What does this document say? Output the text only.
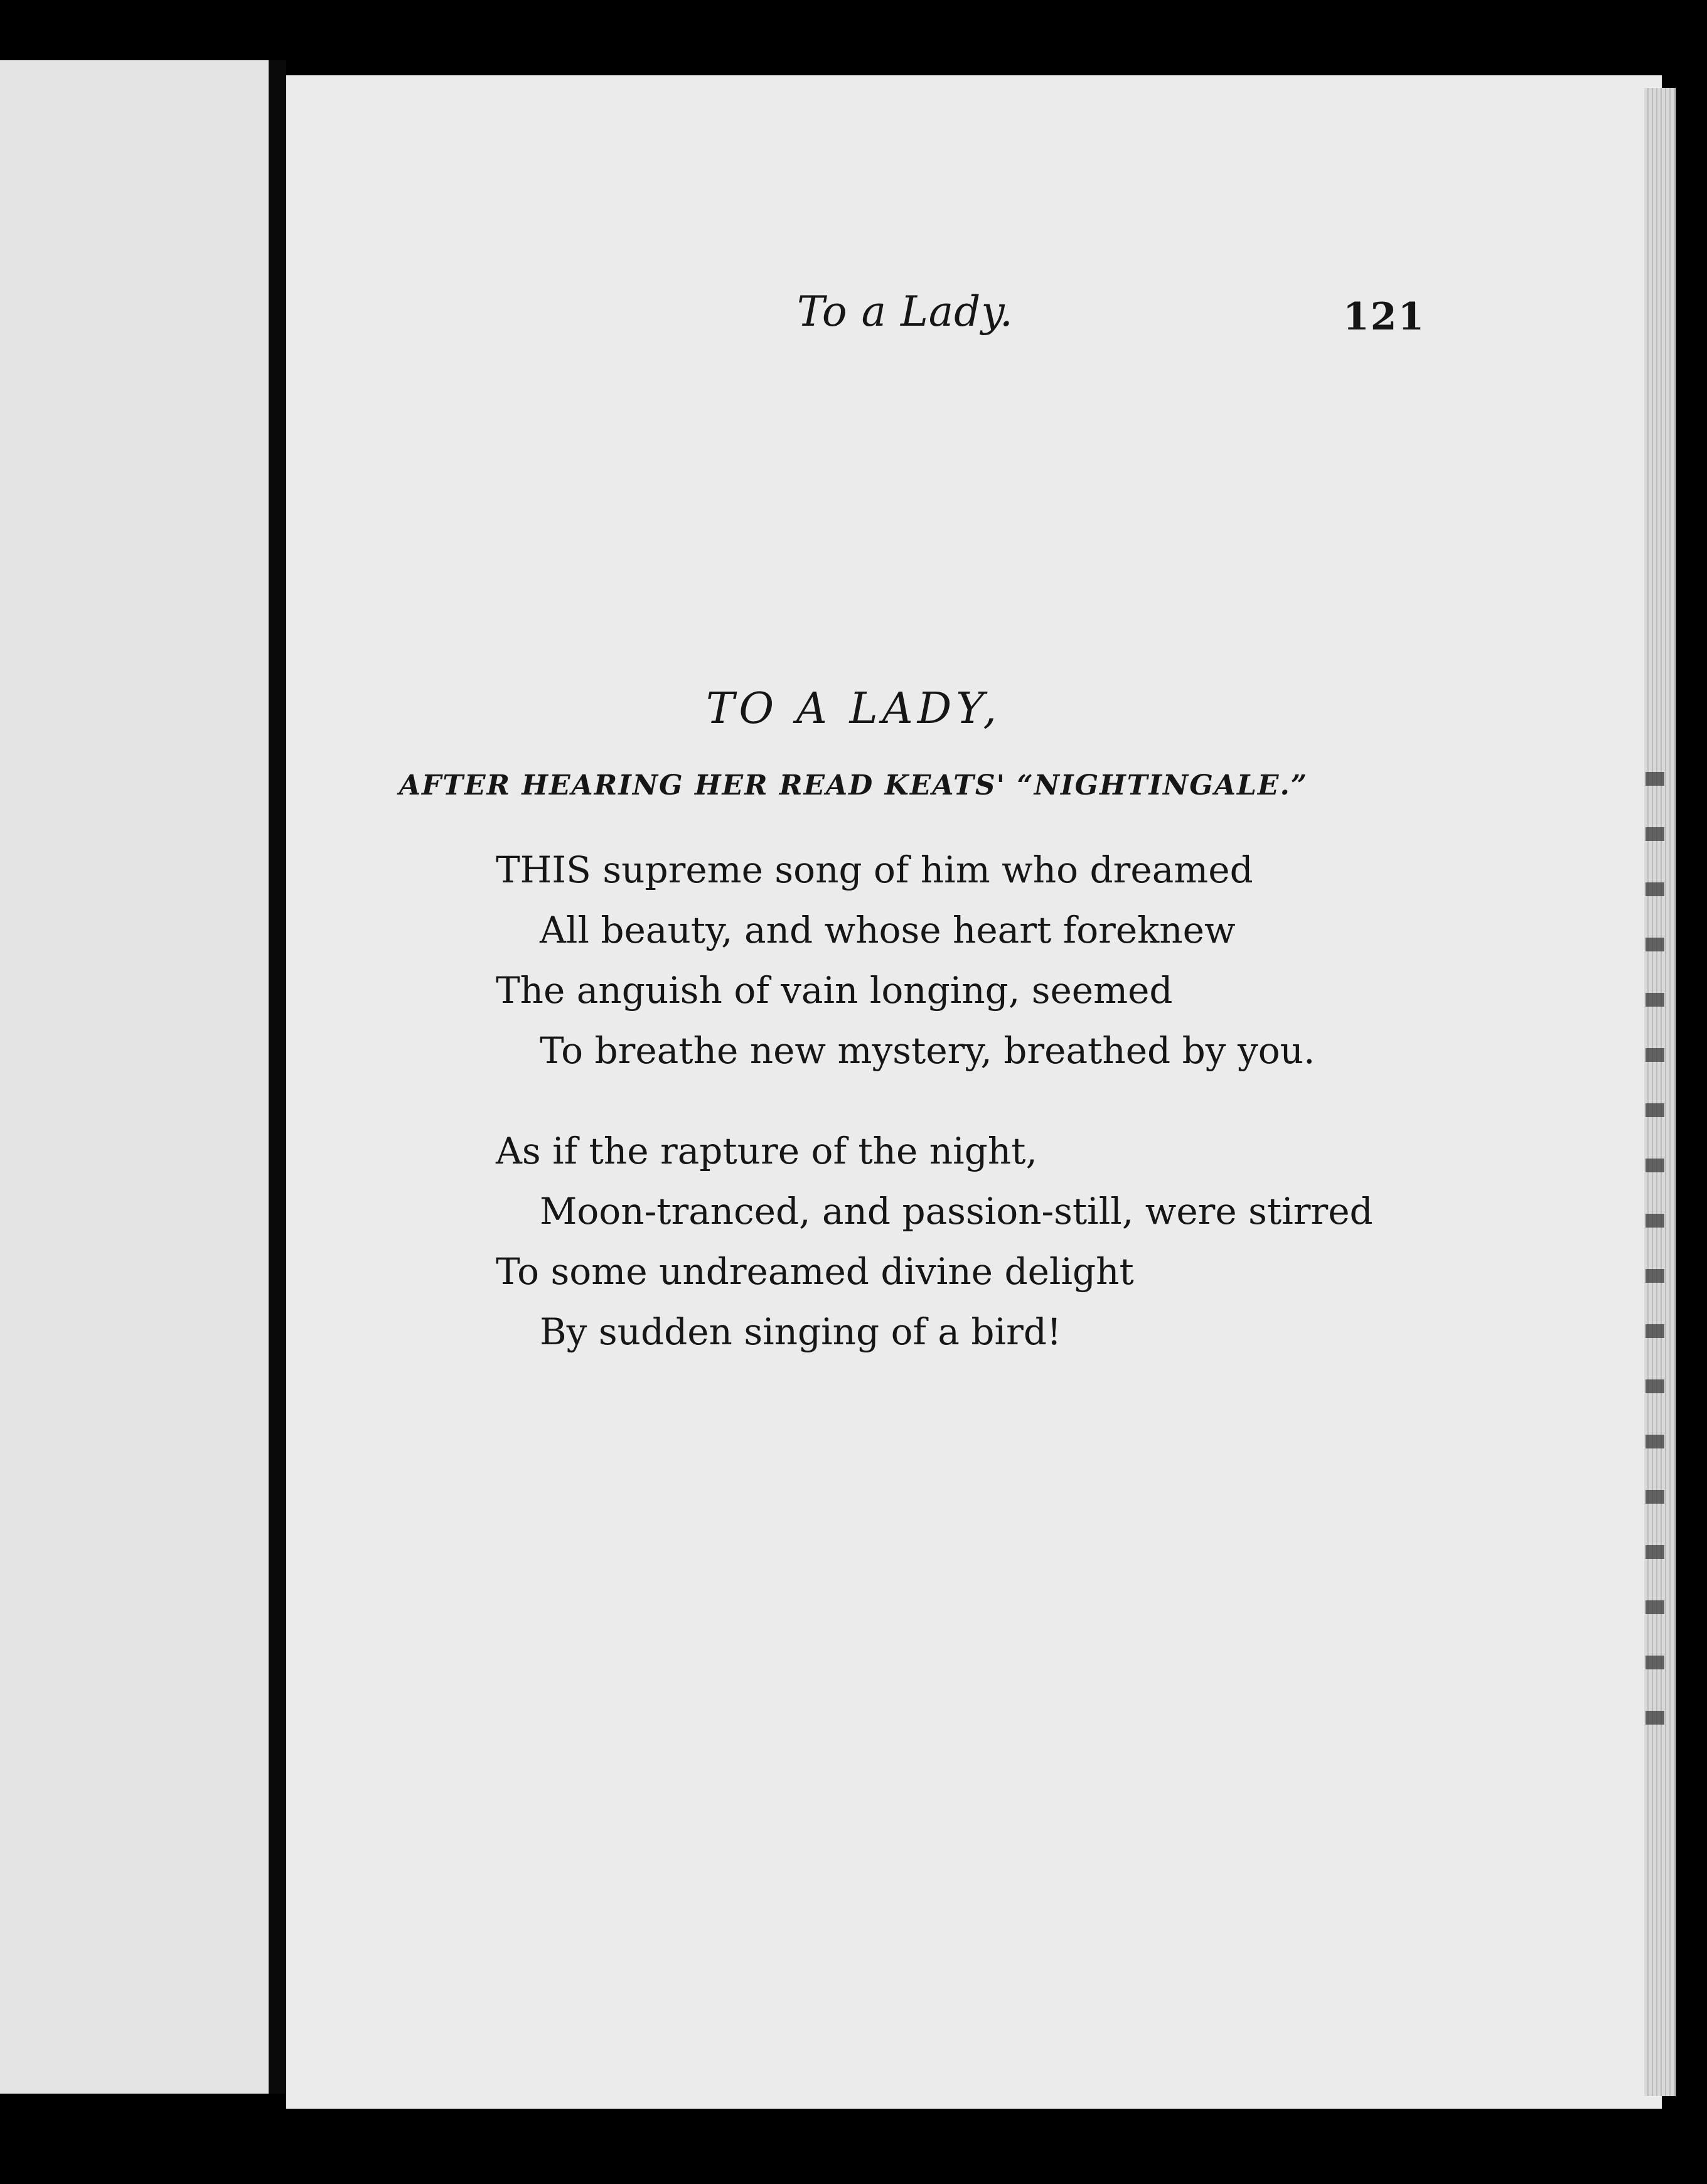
To a Lady.	121
TO A LADY,
AFTER HEARING HER READ KEATS' “NIGHTINGALE.”
THIS supreme song of him who dreamed
All beauty, and whose heart foreknew
The anguish of vain longing, seemed
To breathe new mystery, breathed by you.
As if the rapture of the night,
Moon-tranced, and passion-still, were stirred
To some undreamed divine delight
By sudden singing of a bird!
